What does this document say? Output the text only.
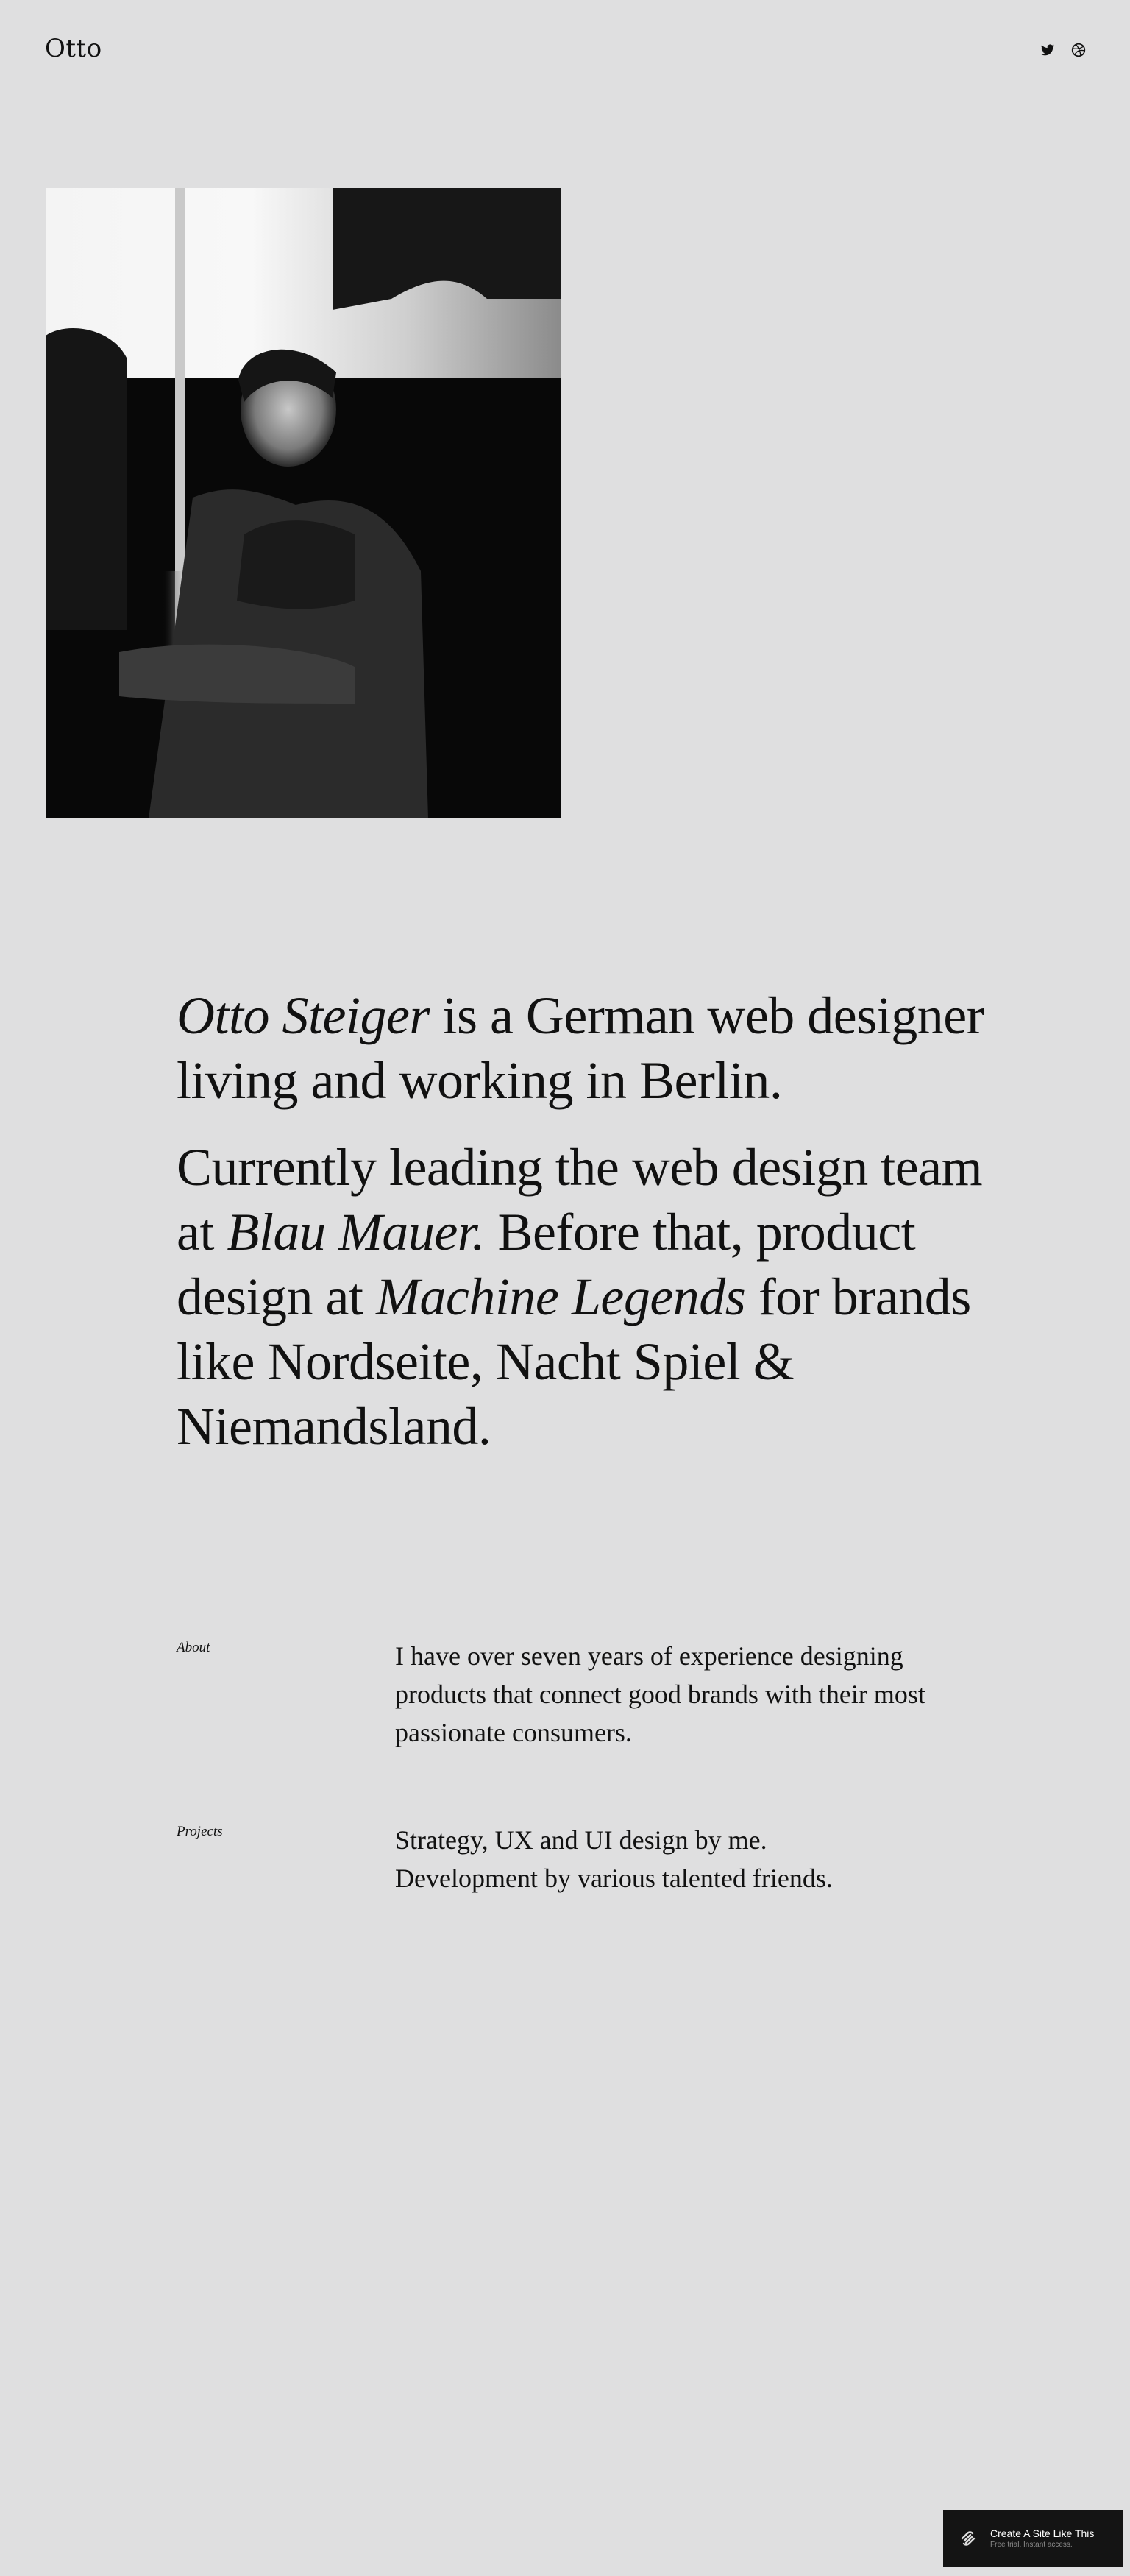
Otto

Otto Steiger is a German web designer living and working in Berlin.

Currently leading the web design team at Blau Mauer. Before that, product design at Machine Legends for brands like Nordseite, Nacht Spiel & Niemandsland.

About	I have over seven years of experience designing products that connect good brands with their most passionate consumers.

Projects	Strategy, UX and UI design by me.

Development by various talented friends.

Create A Site Like This
Free trial. Instant access.
